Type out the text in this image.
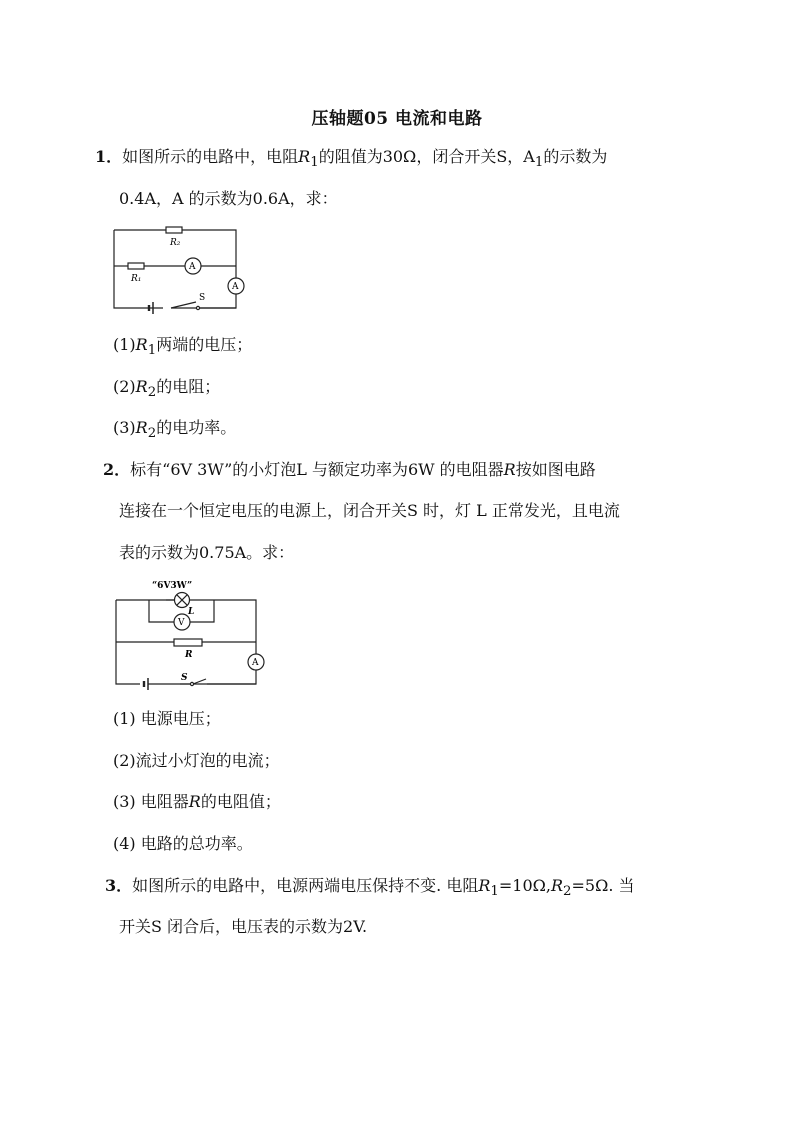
压轴题05 电流和电路
1．如图所示的电路中，电阻$R_1$的阻值为30Ω，闭合开关S，$A_1$的示数为
0.4A，A 的示数为0.6A，求：
R₂
R₁
A
A
S
$(1)R_1$两端的电压；
$(2)R_2$的电阻；
$(3)R_2$的电功率。
2．标有“6V 3W”的小灯泡L 与额定功率为6W 的电阻器R按如图电路
连接在一个恒定电压的电源上，闭合开关S 时，灯 L 正常发光，且电流
表的示数为0.75A。求：
“6V3W”
L
V
R
A
S
(1) 电源电压；
(2)流过小灯泡的电流；
(3) 电阻器R的电阻值；
(4) 电路的总功率。
3．如图所示的电路中，电源两端电压保持不变. 电阻$R_1=10\Omega,R_2=5\Omega$. 当
开关S 闭合后，电压表的示数为2V.
